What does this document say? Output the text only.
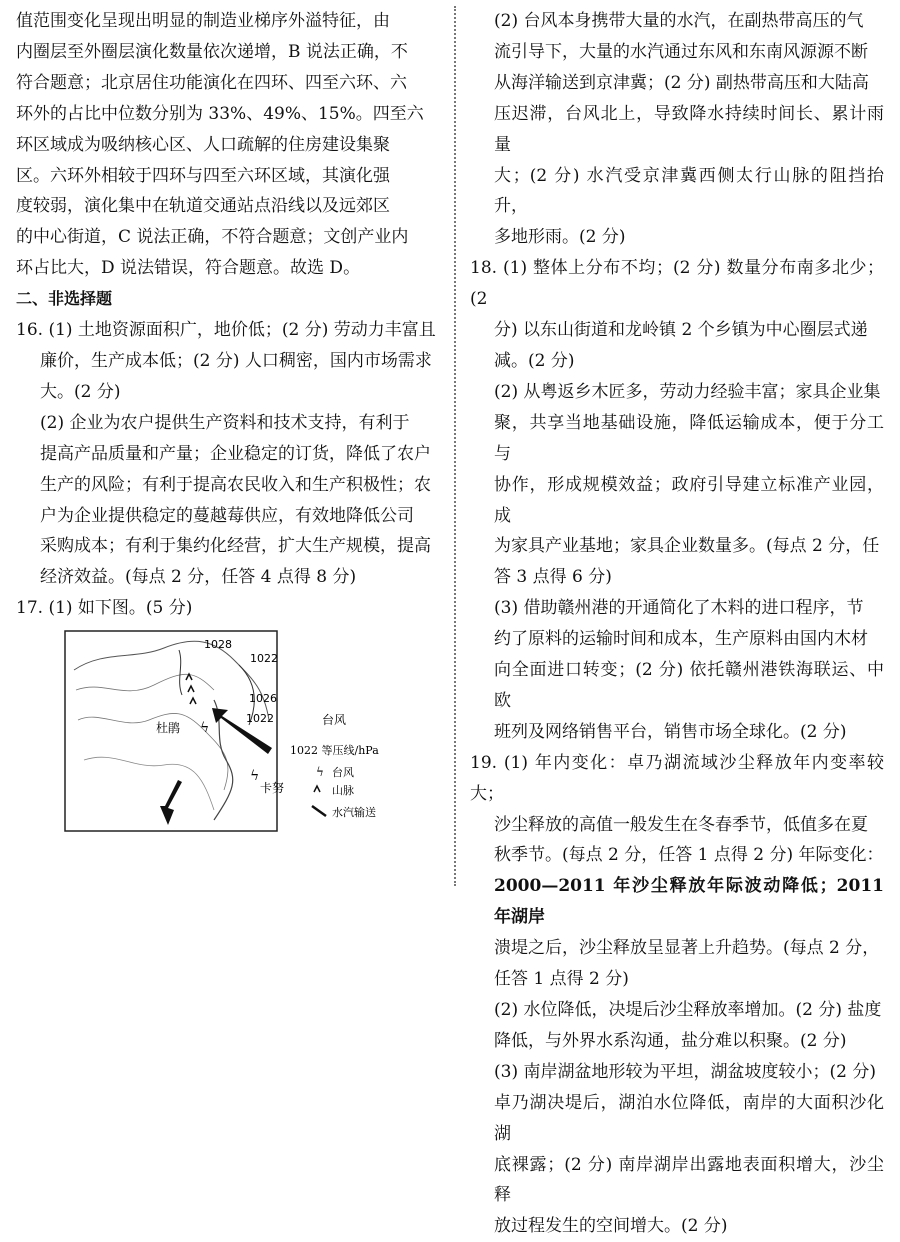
值范围变化呈现出明显的制造业梯序外溢特征，由

内圈层至外圈层演化数量依次递增，B 说法正确，不

符合题意；北京居住功能演化在四环、四至六环、六

环外的占比中位数分别为 33%、49%、15%。四至六

环区域成为吸纳核心区、人口疏解的住房建设集聚

区。六环外相较于四环与四至六环区域，其演化强

度较弱，演化集中在轨道交通站点沿线以及远郊区

的中心街道，C 说法正确，不符合题意；文创产业内

环占比大，D 说法错误，符合题意。故选 D。

二、非选择题

16. (1) 土地资源面积广，地价低；(2 分) 劳动力丰富且

廉价，生产成本低；(2 分) 人口稠密，国内市场需求

大。(2 分)

(2) 企业为农户提供生产资料和技术支持，有利于

提高产品质量和产量；企业稳定的订货，降低了农户

生产的风险；有利于提高农民收入和生产积极性；农

户为企业提供稳定的蔓越莓供应，有效地降低公司

采购成本；有利于集约化经营，扩大生产规模，提高

经济效益。(每点 2 分，任答 4 点得 8 分)

17. (1) 如下图。(5 分)

1028
1022
1026
1022
杜鹃 ϟ
ϟ
卡努
台风
1022 等压线/hPa
ϟ 台风
山脉
水汽输送

(2) 台风本身携带大量的水汽，在副热带高压的气

流引导下，大量的水汽通过东风和东南风源源不断

从海洋输送到京津冀；(2 分) 副热带高压和大陆高

压迟滞，台风北上，导致降水持续时间长、累计雨量

大；(2 分) 水汽受京津冀西侧太行山脉的阻挡抬升，

多地形雨。(2 分)

18. (1) 整体上分布不均；(2 分) 数量分布南多北少；(2

分) 以东山街道和龙岭镇 2 个乡镇为中心圈层式递

减。(2 分)

(2) 从粤返乡木匠多，劳动力经验丰富；家具企业集

聚，共享当地基础设施，降低运输成本，便于分工与

协作，形成规模效益；政府引导建立标准产业园，成

为家具产业基地；家具企业数量多。(每点 2 分，任

答 3 点得 6 分)

(3) 借助赣州港的开通简化了木料的进口程序，节

约了原料的运输时间和成本，生产原料由国内木材

向全面进口转变；(2 分) 依托赣州港铁海联运、中欧

班列及网络销售平台，销售市场全球化。(2 分)

19. (1) 年内变化：卓乃湖流域沙尘释放年内变率较大；

沙尘释放的高值一般发生在冬春季节，低值多在夏

秋季节。(每点 2 分，任答 1 点得 2 分) 年际变化：

2000—2011 年沙尘释放年际波动降低；2011 年湖岸

溃堤之后，沙尘释放呈显著上升趋势。(每点 2 分，

任答 1 点得 2 分)

(2) 水位降低，决堤后沙尘释放率增加。(2 分) 盐度

降低，与外界水系沟通，盐分难以积聚。(2 分)

(3) 南岸湖盆地形较为平坦，湖盆坡度较小；(2 分)

卓乃湖决堤后，湖泊水位降低，南岸的大面积沙化湖

底裸露；(2 分) 南岸湖岸出露地表面积增大，沙尘释

放过程发生的空间增大。(2 分)
